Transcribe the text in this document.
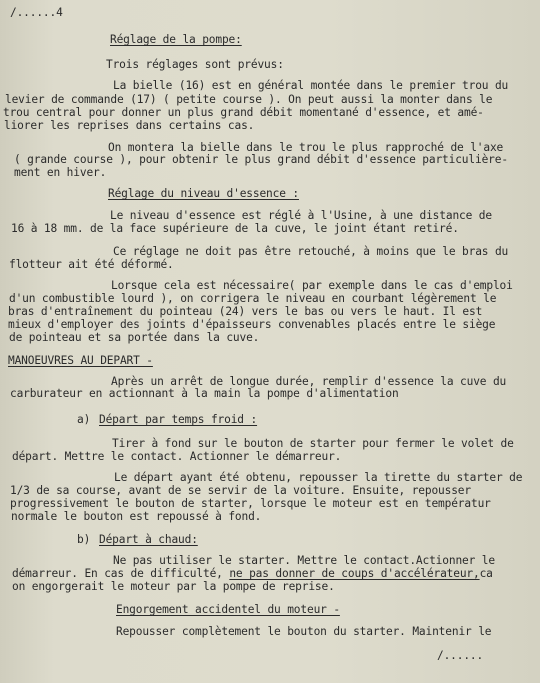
/......4
Réglage de la pompe:
Trois réglages sont prévus:
La bielle (16) est en général montée dans le premier trou du
levier de commande (17) ( petite course ). On peut aussi la monter dans le
trou central pour donner un plus grand débit momentané d'essence, et amé-
liorer les reprises dans certains cas.
On montera la bielle dans le trou le plus rapproché de l'axe
( grande course ), pour obtenir le plus grand débit d'essence particulière-
ment en hiver.
Réglage du niveau d'essence :
Le niveau d'essence est réglé à l'Usine, à une distance de
16 à 18 mm. de la face supérieure de la cuve, le joint étant retiré.
Ce réglage ne doit pas être retouché, à moins que le bras du
flotteur ait été déformé.
Lorsque cela est nécessaire( par exemple dans le cas d'emploi
d'un combustible lourd ), on corrigera le niveau en courbant légèrement le
bras d'entraînement du pointeau (24) vers le bas ou vers le haut. Il est
mieux d'employer des joints d'épaisseurs convenables placés entre le siège
de pointeau et sa portée dans la cuve.
MANOEUVRES AU DEPART -
Après un arrêt de longue durée, remplir d'essence la cuve du
carburateur en actionnant à la main la pompe d'alimentation
a) Départ par temps froid :
Tirer à fond sur le bouton de starter pour fermer le volet de
départ. Mettre le contact. Actionner le démarreur.
Le départ ayant été obtenu, repousser la tirette du starter de
1/3 de sa course, avant de se servir de la voiture. Ensuite, repousser
progressivement le bouton de starter, lorsque le moteur est en températur
normale le bouton est repoussé à fond.
b) Départ à chaud:
Ne pas utiliser le starter. Mettre le contact.Actionner le
démarreur. En cas de difficulté, ne pas donner de coups d'accélérateur,ca
on engorgerait le moteur par la pompe de reprise.
Engorgement accidentel du moteur -
Repousser complètement le bouton du starter. Maintenir le
/......
